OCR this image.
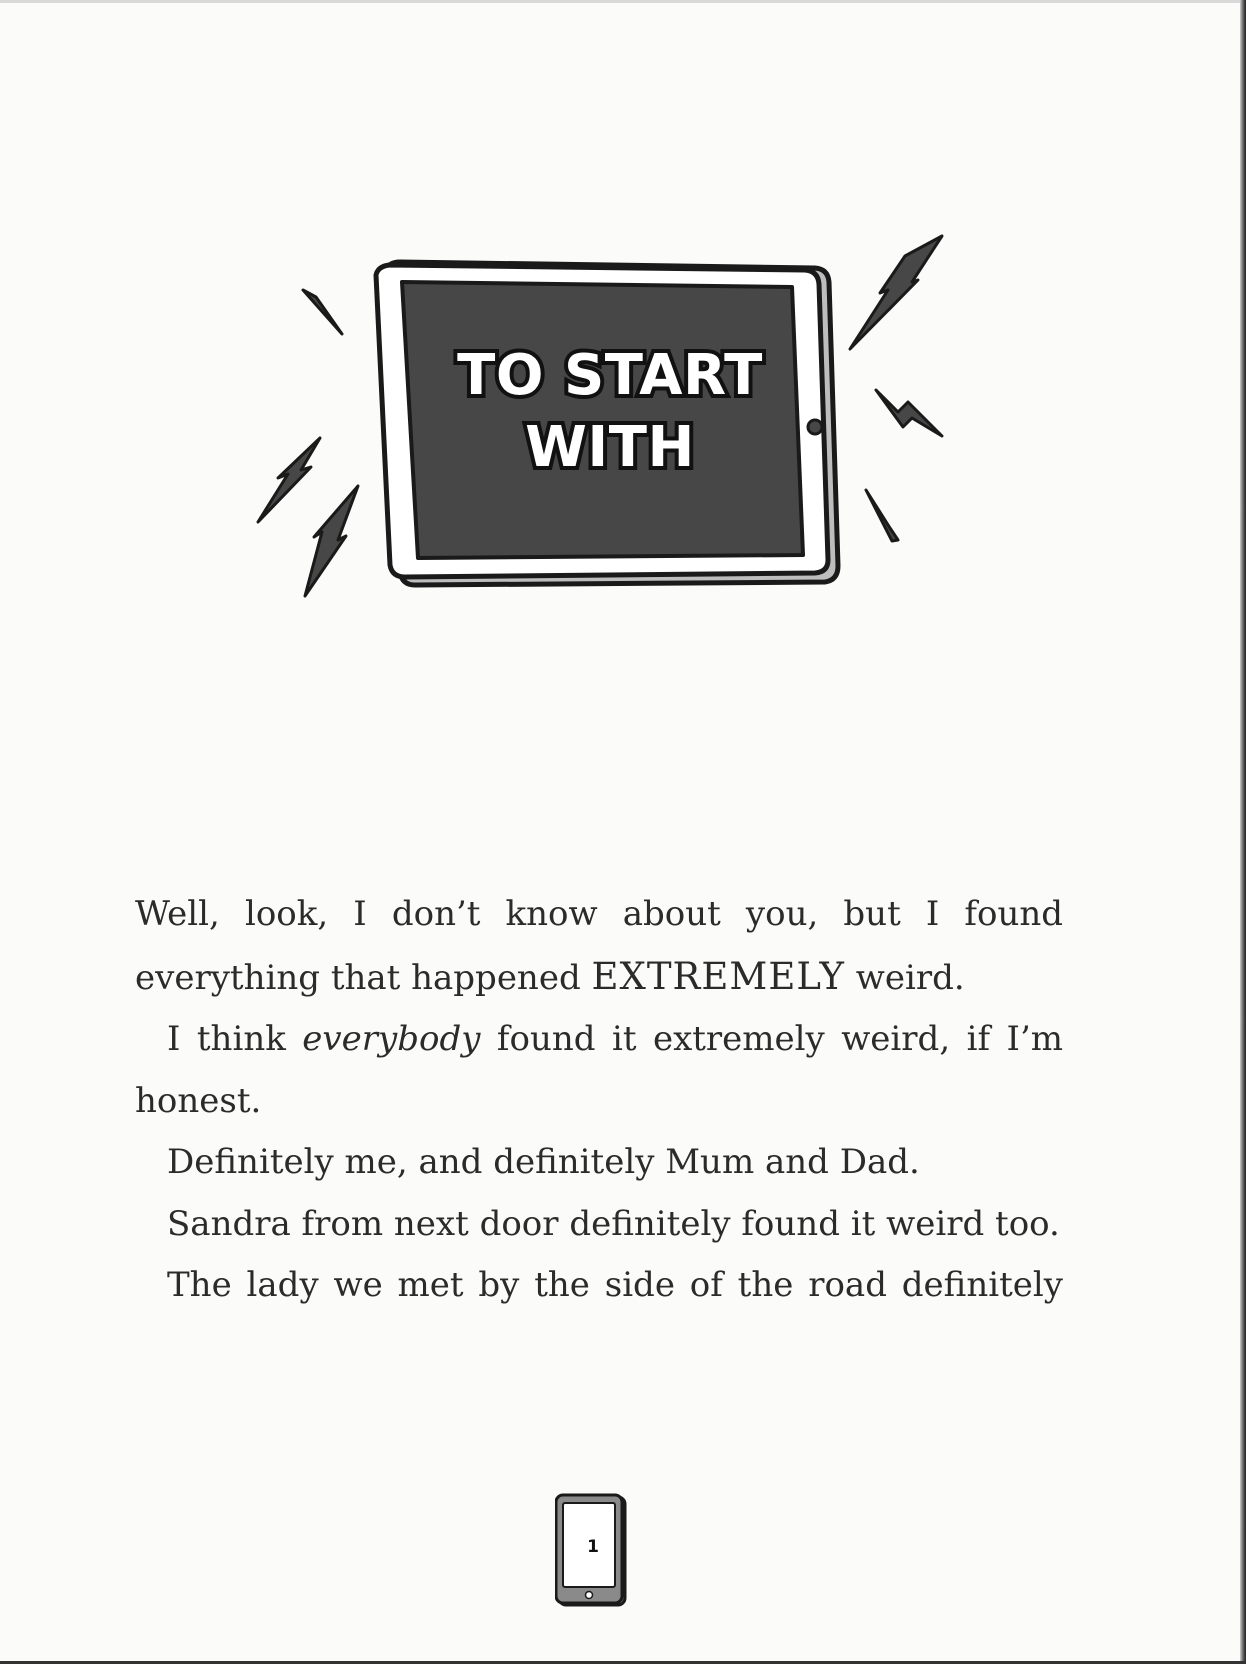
TO START
WITH

Well, look, I don’t know about you, but I found everything that happened EXTREMELY weird.

I think everybody found it extremely weird, if I’m honest.

Definitely me, and definitely Mum and Dad.

Sandra from next door definitely found it weird too.

The lady we met by the side of the road definitely

1
